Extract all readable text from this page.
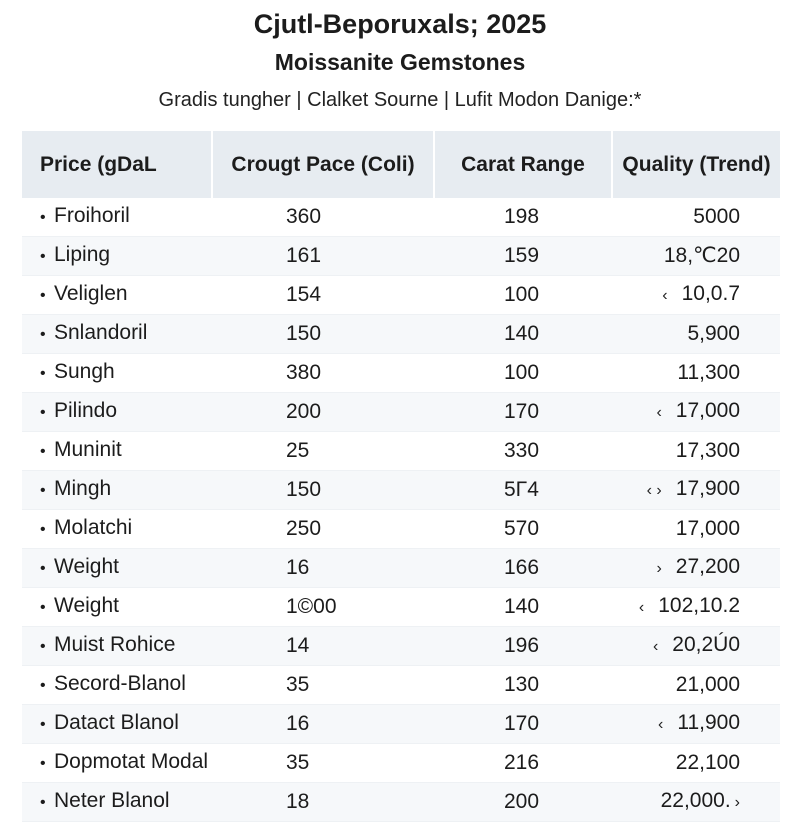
Cjutl-Beporuxals; 2025
Moissanite Gemstones
Gradis tungher | Clalket Sourne | Lufit Modon Danige:*
Price (gDaL	Crougt Pace (Coli)	Carat Range	Quality (Trend)
• Froihoril	360	198	5000
• Liping	161	159	18,℃20
• Veliglen	154	100	‹ 10,0.7
• Snlandoril	150	140	5,900
• Sungh	380	100	11,300
• Pilindo	200	170	‹ 17,000
• Muninit	25	330	17,300
• Mingh	150	5Γ4	‹ › 17,900
• Molatchi	250	570	17,000
• Weight	16	166	› 27,200
• Weight	1©00	140	‹ 102,10.2
• Muist Rohice	14	196	‹ 20,2Ú0
• Secord-Blanol	35	130	21,000
• Datact Blanol	16	170	‹ 11,900
• Dopmotat Modal	35	216	22,100
• Neter Blanol	18	200	22,000. ›
